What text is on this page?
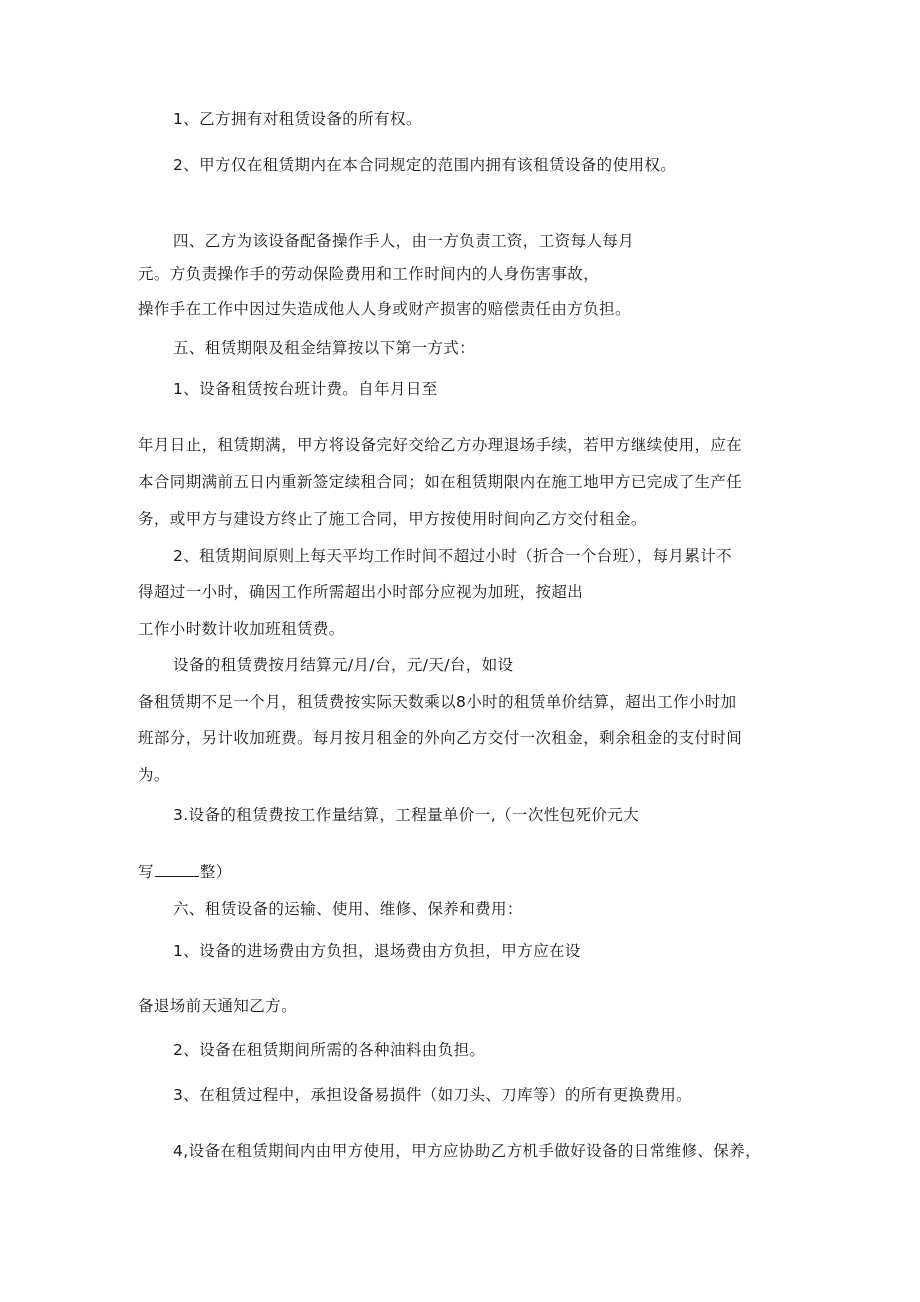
1、乙方拥有对租赁设备的所有权。
2、甲方仅在租赁期内在本合同规定的范围内拥有该租赁设备的使用权。
四、乙方为该设备配备操作手人，由一方负责工资，工资每人每月
元。方负责操作手的劳动保险费用和工作时间内的人身伤害事故，
操作手在工作中因过失造成他人人身或财产损害的赔偿责任由方负担。
五、租赁期限及租金结算按以下第一方式：
1、设备租赁按台班计费。自年月日至
年月日止，租赁期满，甲方将设备完好交给乙方办理退场手续，若甲方继续使用，应在
本合同期满前五日内重新签定续租合同；如在租赁期限内在施工地甲方已完成了生产任
务，或甲方与建设方终止了施工合同，甲方按使用时间向乙方交付租金。
2、租赁期间原则上每天平均工作时间不超过小时（折合一个台班），每月累计不
得超过一小时，确因工作所需超出小时部分应视为加班，按超出
工作小时数计收加班租赁费。
设备的租赁费按月结算元/月/台，元/天/台，如设
备租赁期不足一个月，租赁费按实际天数乘以8小时的租赁单价结算，超出工作小时加
班部分，另计收加班费。每月按月租金的外向乙方交付一次租金，剩余租金的支付时间
为。
3.设备的租赁费按工作量结算，工程量单价一,（一次性包死价元大
写	整）
六、租赁设备的运输、使用、维修、保养和费用：
1、设备的进场费由方负担，退场费由方负担，甲方应在设
备退场前天通知乙方。
2、设备在租赁期间所需的各种油料由负担。
3、在租赁过程中，承担设备易损件（如刀头、刀库等）的所有更换费用。
4,设备在租赁期间内由甲方使用，甲方应协助乙方机手做好设备的日常维修、保养，
